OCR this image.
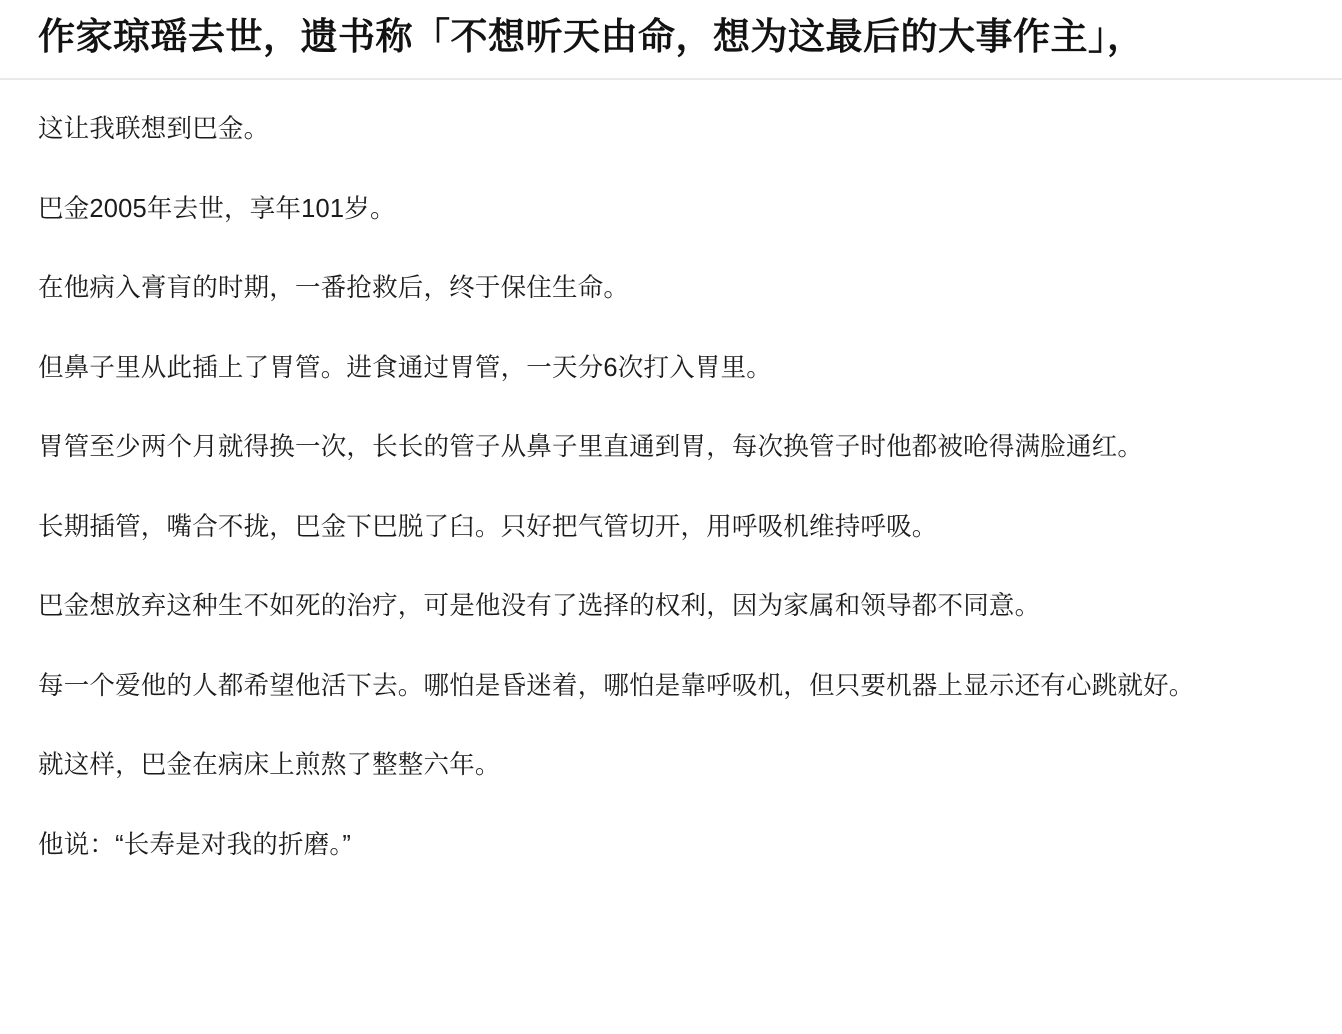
作家琼瑶去世，遗书称「不想听天由命，想为这最后的大事作主」，

这让我联想到巴金。

巴金2005年去世，享年101岁。

在他病入膏肓的时期，一番抢救后，终于保住生命。

但鼻子里从此插上了胃管。进食通过胃管，一天分6次打入胃里。

胃管至少两个月就得换一次，长长的管子从鼻子里直通到胃，每次换管子时他都被呛得满脸通红。

长期插管，嘴合不拢，巴金下巴脱了臼。只好把气管切开，用呼吸机维持呼吸。

巴金想放弃这种生不如死的治疗，可是他没有了选择的权利，因为家属和领导都不同意。

每一个爱他的人都希望他活下去。哪怕是昏迷着，哪怕是靠呼吸机，但只要机器上显示还有心跳就好。

就这样，巴金在病床上煎熬了整整六年。

他说：“长寿是对我的折磨。”
